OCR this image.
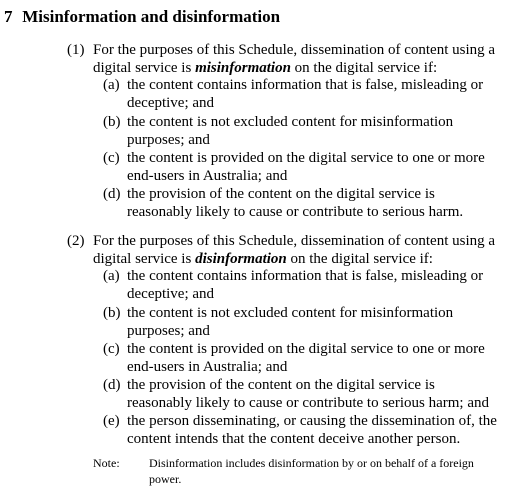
7 Misinformation and disinformation
(1) For the purposes of this Schedule, dissemination of content using a
digital service is misinformation on the digital service if:
(a) the content contains information that is false, misleading or
deceptive; and
(b) the content is not excluded content for misinformation
purposes; and
(c) the content is provided on the digital service to one or more
end-users in Australia; and
(d) the provision of the content on the digital service is
reasonably likely to cause or contribute to serious harm.
(2) For the purposes of this Schedule, dissemination of content using a
digital service is disinformation on the digital service if:
(a) the content contains information that is false, misleading or
deceptive; and
(b) the content is not excluded content for misinformation
purposes; and
(c) the content is provided on the digital service to one or more
end-users in Australia; and
(d) the provision of the content on the digital service is
reasonably likely to cause or contribute to serious harm; and
(e) the person disseminating, or causing the dissemination of, the
content intends that the content deceive another person.
Note: Disinformation includes disinformation by or on behalf of a foreign
power.
